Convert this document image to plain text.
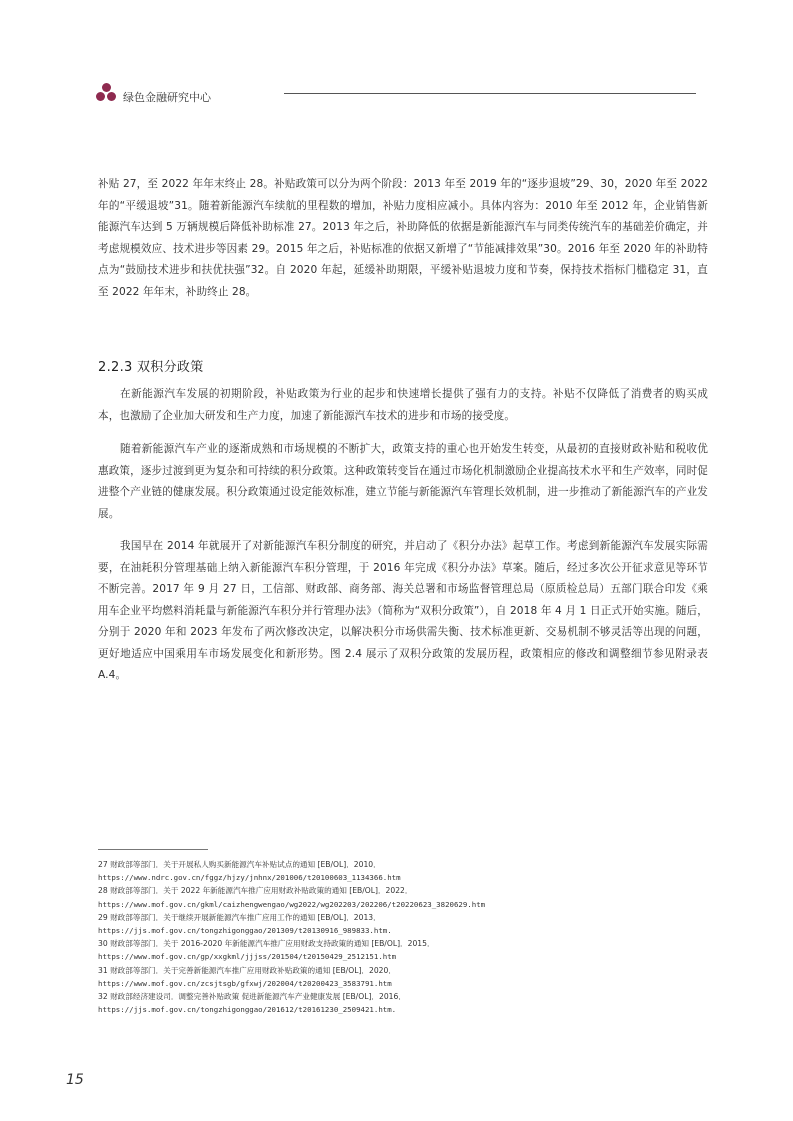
绿色金融研究中心

补贴 27，至 2022 年年末终止 28。补贴政策可以分为两个阶段：2013 年至 2019 年的“逐步退坡”29、30，2020 年至 2022 年的“平缓退坡”31。随着新能源汽车续航的里程数的增加，补贴力度相应减小。具体内容为：2010 年至 2012 年，企业销售新能源汽车达到 5 万辆规模后降低补助标准 27。2013 年之后，补助降低的依据是新能源汽车与同类传统汽车的基础差价确定，并考虑规模效应、技术进步等因素 29。2015 年之后，补贴标准的依据又新增了“节能减排效果”30。2016 年至 2020 年的补助特点为“鼓励技术进步和扶优扶强”32。自 2020 年起，延缓补助期限，平缓补贴退坡力度和节奏，保持技术指标门槛稳定 31，直至 2022 年年末，补助终止 28。

2.2.3 双积分政策

在新能源汽车发展的初期阶段，补贴政策为行业的起步和快速增长提供了强有力的支持。补贴不仅降低了消费者的购买成本，也激励了企业加大研发和生产力度，加速了新能源汽车技术的进步和市场的接受度。

随着新能源汽车产业的逐渐成熟和市场规模的不断扩大，政策支持的重心也开始发生转变，从最初的直接财政补贴和税收优惠政策，逐步过渡到更为复杂和可持续的积分政策。这种政策转变旨在通过市场化机制激励企业提高技术水平和生产效率，同时促进整个产业链的健康发展。积分政策通过设定能效标准，建立节能与新能源汽车管理长效机制，进一步推动了新能源汽车的产业发展。

我国早在 2014 年就展开了对新能源汽车积分制度的研究，并启动了《积分办法》起草工作。考虑到新能源汽车发展实际需要，在油耗积分管理基础上纳入新能源汽车积分管理，于 2016 年完成《积分办法》草案。随后，经过多次公开征求意见等环节不断完善。2017 年 9 月 27 日，工信部、财政部、商务部、海关总署和市场监督管理总局（原质检总局）五部门联合印发《乘用车企业平均燃料消耗量与新能源汽车积分并行管理办法》（简称为“双积分政策”），自 2018 年 4 月 1 日正式开始实施。随后，分别于 2020 年和 2023 年发布了两次修改决定，以解决积分市场供需失衡、技术标准更新、交易机制不够灵活等出现的问题，更好地适应中国乘用车市场发展变化和新形势。图 2.4 展示了双积分政策的发展历程，政策相应的修改和调整细节参见附录表 A.4。

27 财政部等部门．关于开展私人购买新能源汽车补贴试点的通知 [EB/OL]．2010．
https://www.ndrc.gov.cn/fggz/hjzy/jnhnx/201006/t20100603_1134366.htm
28 财政部等部门．关于 2022 年新能源汽车推广应用财政补贴政策的通知 [EB/OL]．2022．
https://www.mof.gov.cn/gkml/caizhengwengao/wg2022/wg202203/202206/t20220623_3820629.htm
29 财政部等部门．关于继续开展新能源汽车推广应用工作的通知 [EB/OL]．2013．
https://jjs.mof.gov.cn/tongzhigonggao/201309/t20130916_989833.htm.
30 财政部等部门．关于 2016-2020 年新能源汽车推广应用财政支持政策的通知 [EB/OL]．2015．
https://www.mof.gov.cn/gp/xxgkml/jjjss/201504/t20150429_2512151.htm
31 财政部等部门．关于完善新能源汽车推广应用财政补贴政策的通知 [EB/OL]．2020．
https://www.mof.gov.cn/zcsjtsgb/gfxwj/202004/t20200423_3583791.htm
32 财政部经济建设司．调整完善补贴政策 促进新能源汽车产业健康发展 [EB/OL]．2016．
https://jjs.mof.gov.cn/tongzhigonggao/201612/t20161230_2509421.htm.
15
